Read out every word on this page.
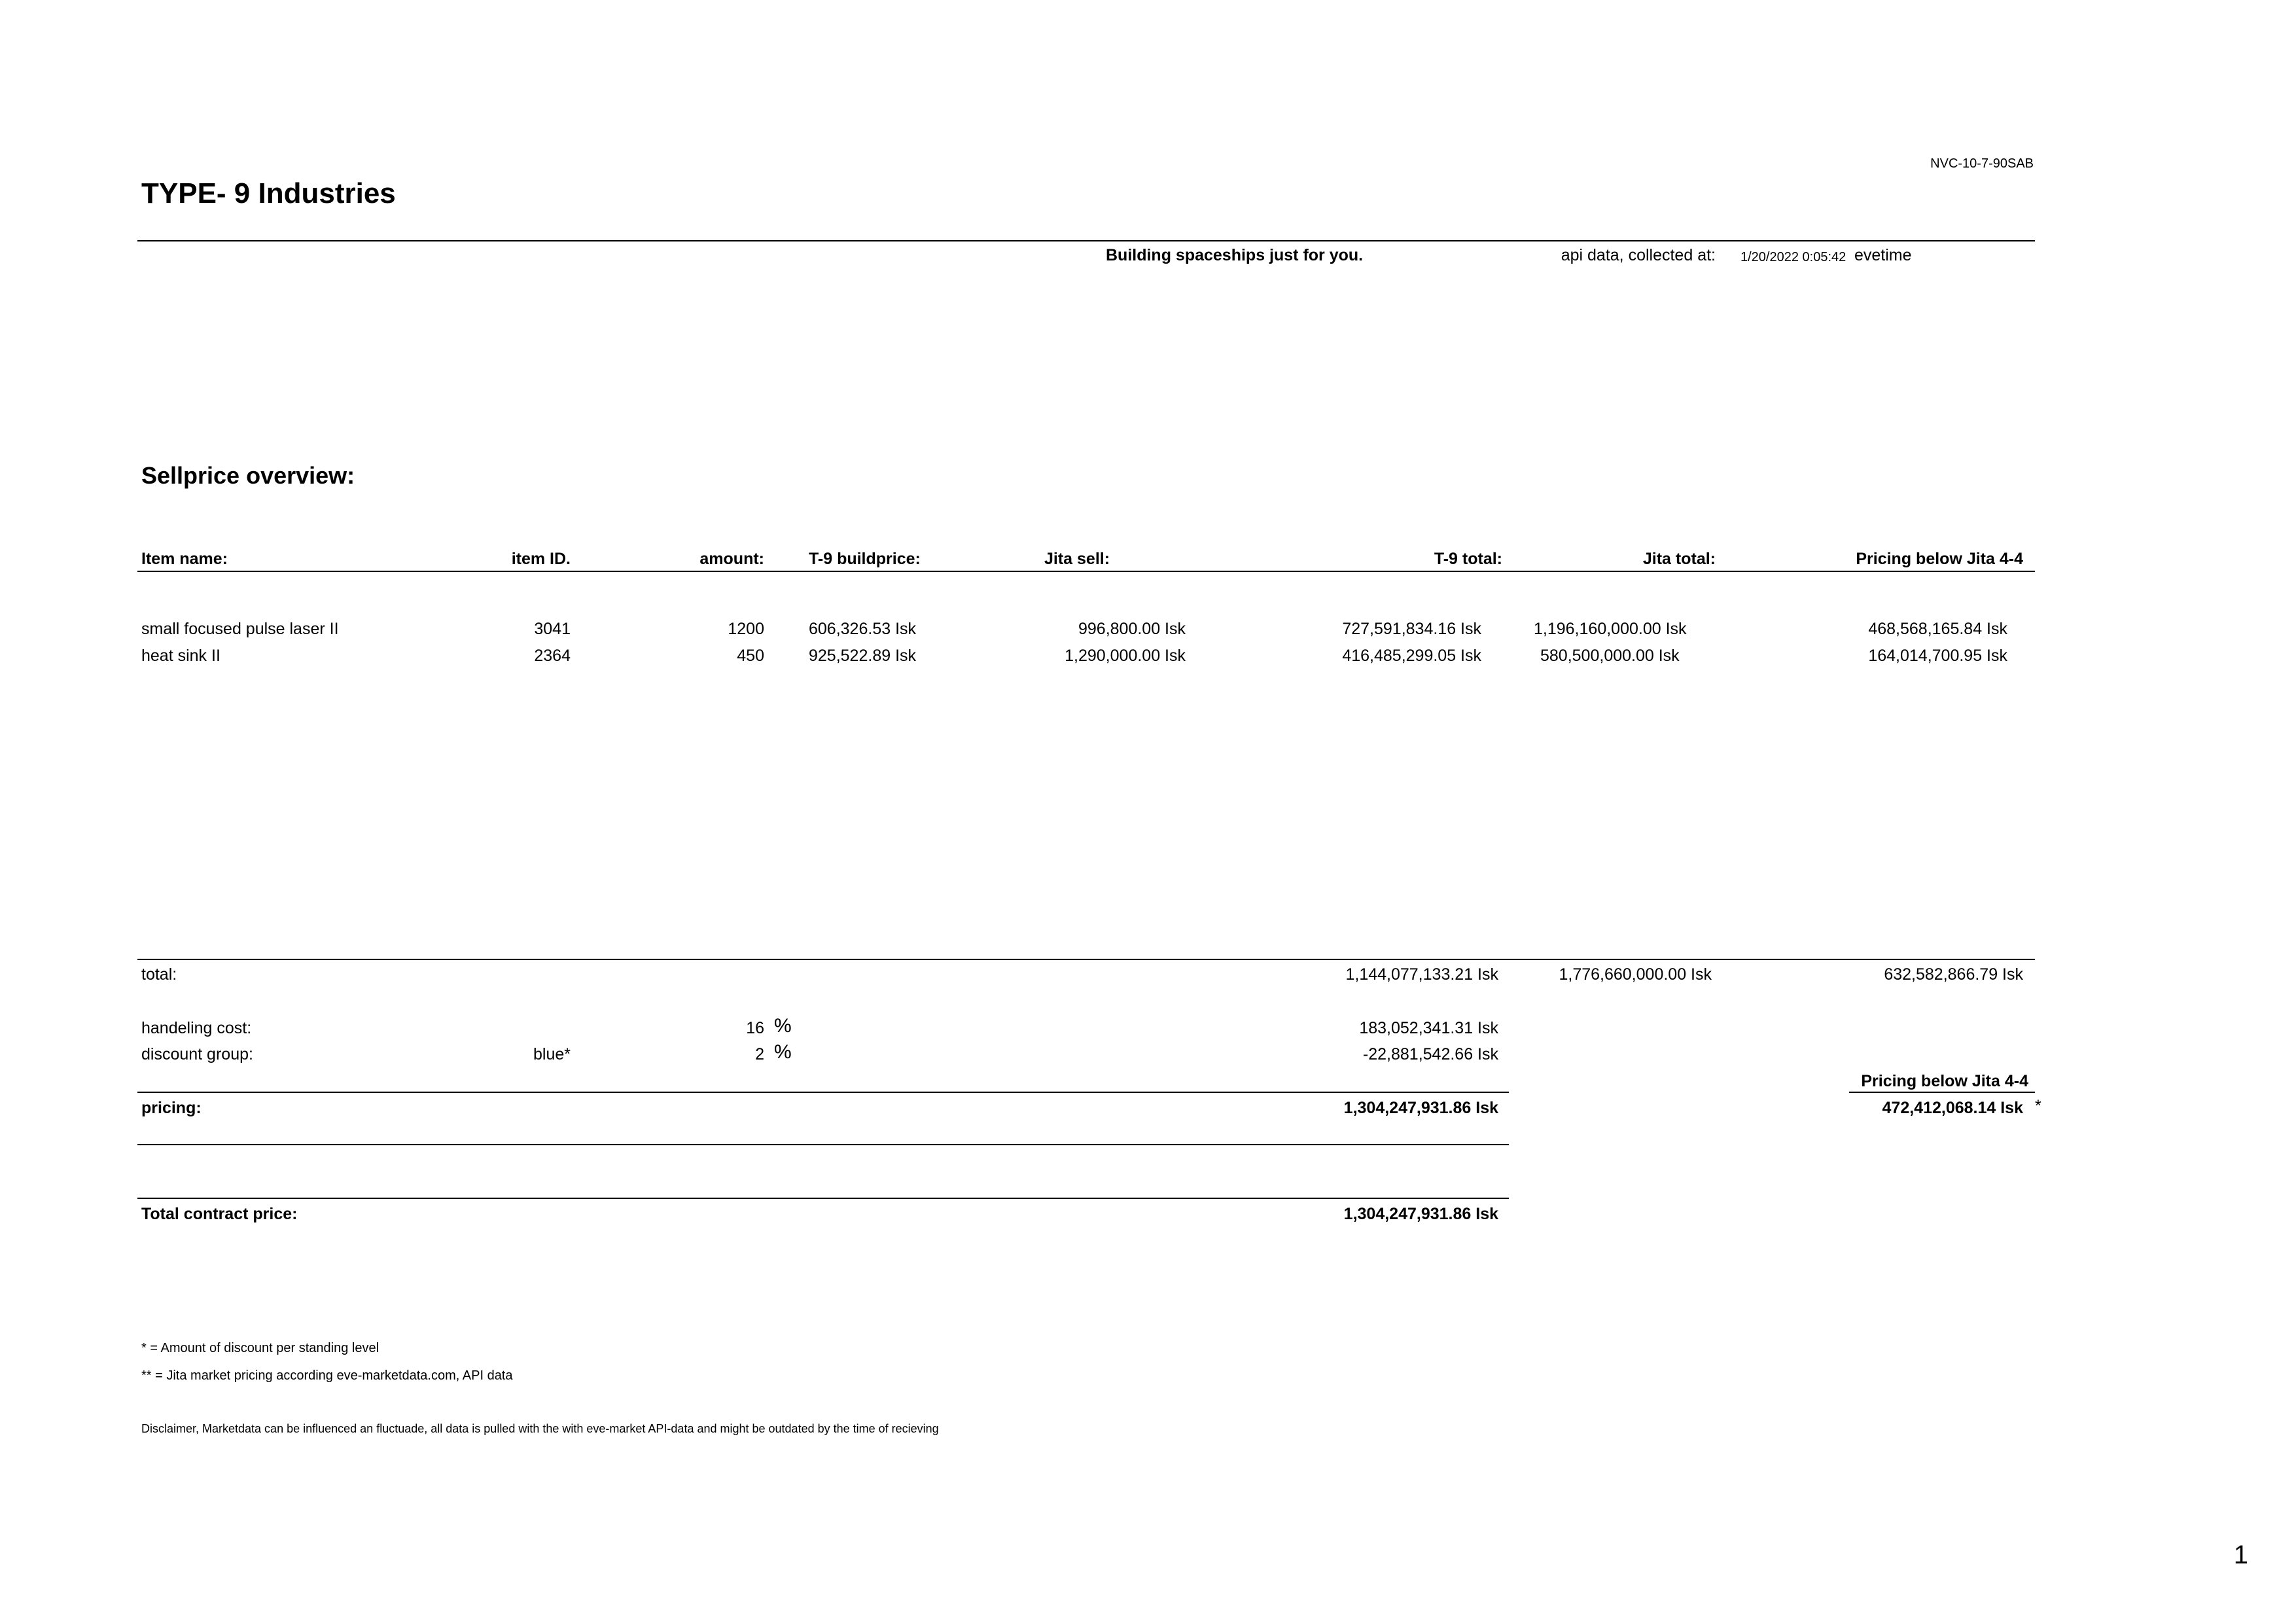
NVC-10-7-90SAB
TYPE- 9 Industries
Building spaceships just for you.	api data, collected at: 1/20/2022 0:05:42 evetime
Sellprice overview:
Item name:	item ID.	amount:	T-9 buildprice:	Jita sell:	T-9 total:	Jita total:	Pricing below Jita 4-4
small focused pulse laser II	3041	1200	606,326.53 Isk	996,800.00 Isk	727,591,834.16 Isk	1,196,160,000.00 Isk	468,568,165.84 Isk
heat sink II	2364	450	925,522.89 Isk	1,290,000.00 Isk	416,485,299.05 Isk	580,500,000.00 Isk	164,014,700.95 Isk
total:	1,144,077,133.21 Isk	1,776,660,000.00 Isk	632,582,866.79 Isk
handeling cost:	16 %	183,052,341.31 Isk
discount group:	blue*	2 %	-22,881,542.66 Isk
Pricing below Jita 4-4
pricing:	1,304,247,931.86 Isk	472,412,068.14 Isk *
Total contract price:	1,304,247,931.86 Isk
* = Amount of discount per standing level
** = Jita market pricing according eve-marketdata.com, API data
Disclaimer, Marketdata can be influenced an fluctuade, all data is pulled with the with eve-market API-data and might be outdated by the time of recieving
1
